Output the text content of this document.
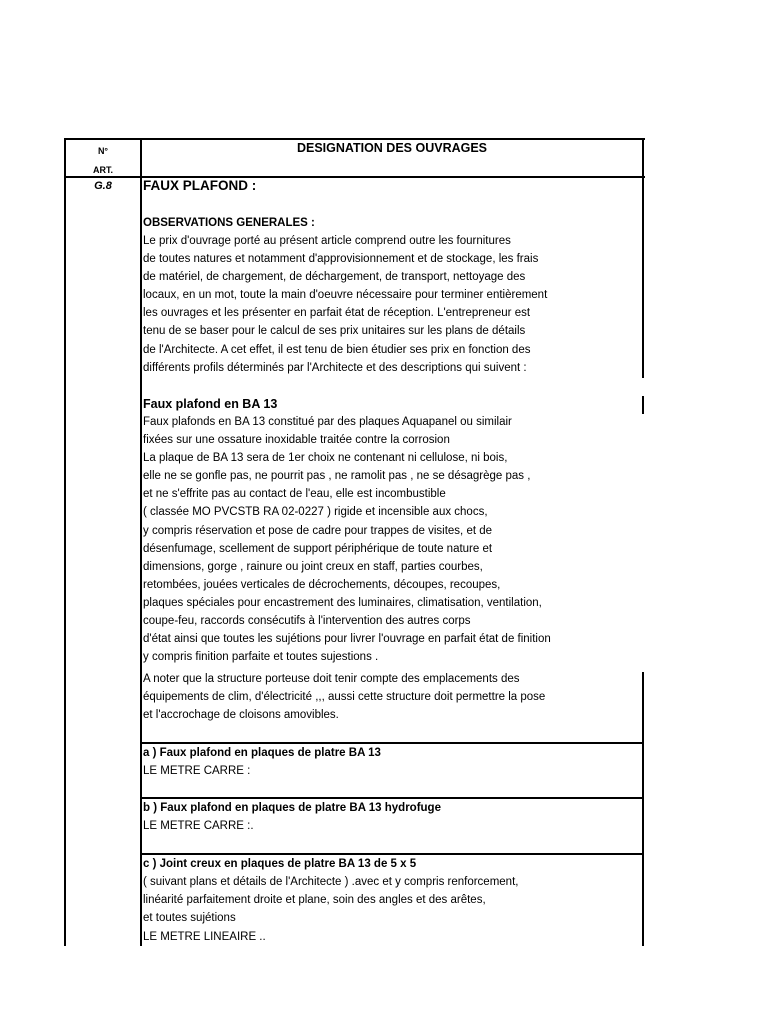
N°
ART.
DESIGNATION DES OUVRAGES
G.8	FAUX PLAFOND :
OBSERVATIONS GENERALES :
Le prix d'ouvrage porté au présent article comprend outre les fournitures
de toutes natures et notamment d'approvisionnement et de stockage, les frais
de matériel, de chargement, de déchargement, de transport, nettoyage des
locaux, en un mot, toute la main d'oeuvre nécessaire pour terminer entièrement
les ouvrages et les présenter en parfait état de réception. L'entrepreneur est
tenu de se baser pour le calcul de ses prix unitaires sur les plans de détails
de l'Architecte. A cet effet, il est tenu de bien étudier ses prix en fonction des
différents profils déterminés par l'Architecte et des descriptions qui suivent :
Faux plafond en BA 13
Faux plafonds en BA 13 constitué par des plaques Aquapanel ou similair
fixées sur une ossature inoxidable traitée contre la corrosion
La plaque de BA 13 sera de 1er choix ne contenant ni cellulose, ni bois,
elle ne se gonfle pas, ne pourrit pas , ne ramolit pas , ne se désagrège pas ,
et ne s'effrite pas au contact de l'eau, elle est incombustible
( classée MO PVCSTB RA 02-0227 ) rigide et incensible aux chocs,
y compris réservation et pose de cadre pour trappes de visites, et de
désenfumage, scellement de support périphérique de toute nature et
dimensions, gorge , rainure ou joint creux en staff, parties courbes,
retombées, jouées verticales de décrochements, découpes, recoupes,
plaques spéciales pour encastrement des luminaires, climatisation, ventilation,
coupe-feu, raccords consécutifs à l'intervention des autres corps
d'état ainsi que toutes les sujétions pour livrer l'ouvrage en parfait état de finition
y compris finition parfaite et toutes sujestions .
A noter que la structure porteuse doit tenir compte des emplacements des
équipements de clim, d'électricité ,,, aussi cette structure doit permettre la pose
et l'accrochage de cloisons amovibles.
a ) Faux plafond en plaques de platre BA 13
LE METRE CARRE :
b ) Faux plafond en plaques de platre BA 13 hydrofuge
LE METRE CARRE :.
c ) Joint creux en plaques de platre BA 13 de 5 x 5
( suivant plans et détails de l'Architecte ) .avec et y compris renforcement,
linéarité parfaitement droite et plane, soin des angles et des arêtes,
et toutes sujétions
LE METRE LINEAIRE ..
